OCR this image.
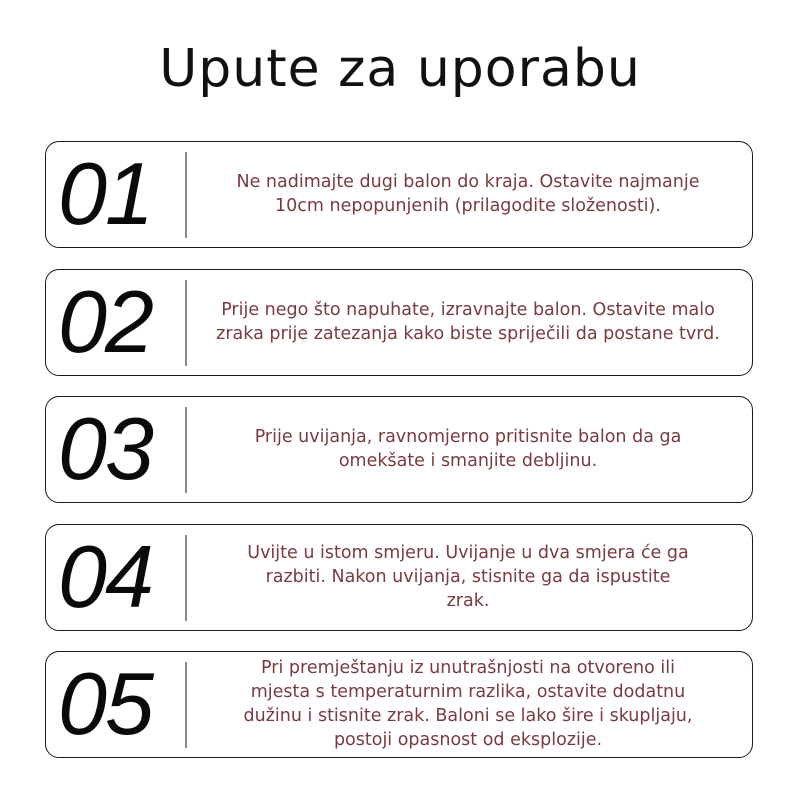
Upute za uporabu
01	Ne nadimajte dugi balon do kraja. Ostavite najmanje
10cm nepopunjenih (prilagodite složenosti).
02	Prije nego što napuhate, izravnajte balon. Ostavite malo
zraka prije zatezanja kako biste spriječili da postane tvrd.
03	Prije uvijanja, ravnomjerno pritisnite balon da ga
omekšate i smanjite debljinu.
04	Uvijte u istom smjeru. Uvijanje u dva smjera će ga
razbiti. Nakon uvijanja, stisnite ga da ispustite
zrak.
05	Pri premještanju iz unutrašnjosti na otvoreno ili
mjesta s temperaturnim razlika, ostavite dodatnu
dužinu i stisnite zrak. Baloni se lako šire i skupljaju,
postoji opasnost od eksplozije.
